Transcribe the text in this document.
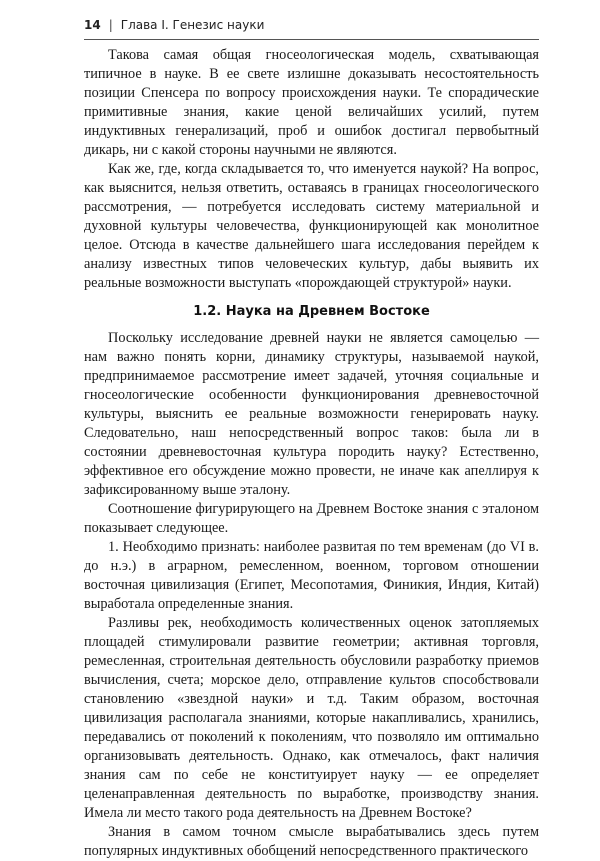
14 | Глава I. Генезис науки

Такова самая общая гносеологическая модель, схватывающая типичное в науке. В ее свете излишне доказывать несостоятельность позиции Спенсера по вопросу происхождения науки. Те спорадические примитивные знания, какие ценой величайших усилий, путем индуктивных генерализаций, проб и ошибок достигал первобытный дикарь, ни с какой стороны научными не являются.

Как же, где, когда складывается то, что именуется наукой? На вопрос, как выяснится, нельзя ответить, оставаясь в границах гносеологического рассмотрения, — потребуется исследовать систему материальной и духовной культуры человечества, функционирующей как монолитное целое. Отсюда в качестве дальнейшего шага исследования перейдем к анализу известных типов человеческих культур, дабы выявить их реальные возможности выступать «порождающей структурой» науки.

1.2. Наука на Древнем Востоке

Поскольку исследование древней науки не является самоцелью — нам важно понять корни, динамику структуры, называемой наукой, предпринимаемое рассмотрение имеет задачей, уточняя социальные и гносеологические особенности функционирования древневосточной культуры, выяснить ее реальные возможности генерировать науку. Следовательно, наш непосредственный вопрос таков: была ли в состоянии древневосточная культура породить науку? Естественно, эффективное его обсуждение можно провести, не иначе как апеллируя к зафиксированному выше эталону.

Соотношение фигурирующего на Древнем Востоке знания с эталоном показывает следующее.

1. Необходимо признать: наиболее развитая по тем временам (до VI в. до н.э.) в аграрном, ремесленном, военном, торговом отношении восточная цивилизация (Египет, Месопотамия, Финикия, Индия, Китай) выработала определенные знания.

Разливы рек, необходимость количественных оценок затопляемых площадей стимулировали развитие геометрии; активная торговля, ремесленная, строительная деятельность обусловили разработку приемов вычисления, счета; морское дело, отправление культов способствовали становлению «звездной науки» и т.д. Таким образом, восточная цивилизация располагала знаниями, которые накапливались, хранились, передавались от поколений к поколениям, что позволяло им оптимально организовывать деятельность. Однако, как отмечалось, факт наличия знания сам по себе не конституирует науку — ее определяет целенаправленная деятельность по выработке, производству знания. Имела ли место такого рода деятельность на Древнем Востоке?

Знания в самом точном смысле вырабатывались здесь путем популярных индуктивных обобщений непосредственного практического
